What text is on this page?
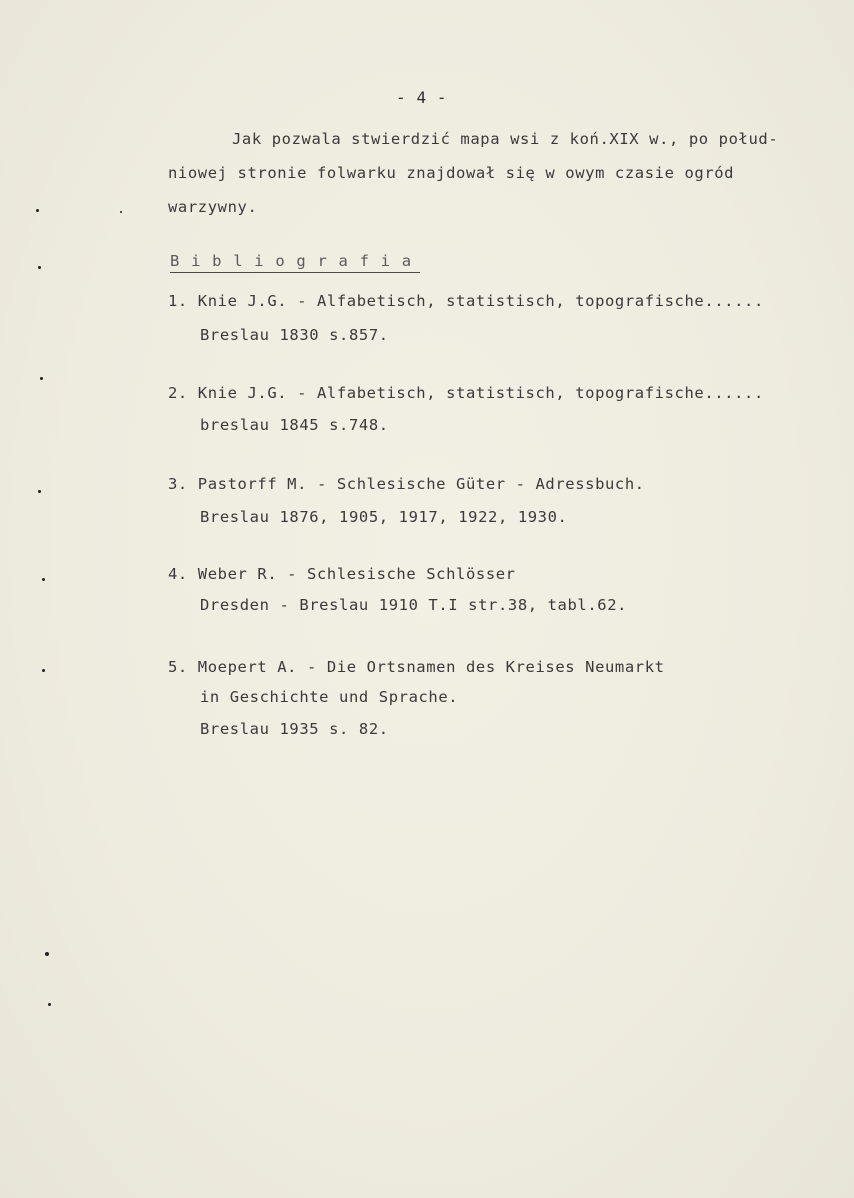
- 4 -
Jak pozwala stwierdzić mapa wsi z koń.XIX w., po połud-
niowej stronie folwarku znajdował się w owym czasie ogród
warzywny.
B i b l i o g r a f i a
1. Knie J.G. - Alfabetisch, statistisch, topografische......
Breslau 1830 s.857.
2. Knie J.G. - Alfabetisch, statistisch, topografische......
breslau 1845 s.748.
3. Pastorff M. - Schlesische Güter - Adressbuch.
Breslau 1876, 1905, 1917, 1922, 1930.
4. Weber R. - Schlesische Schlösser
Dresden - Breslau 1910 T.I str.38, tabl.62.
5. Moepert A. - Die Ortsnamen des Kreises Neumarkt
in Geschichte und Sprache.
Breslau 1935 s. 82.
